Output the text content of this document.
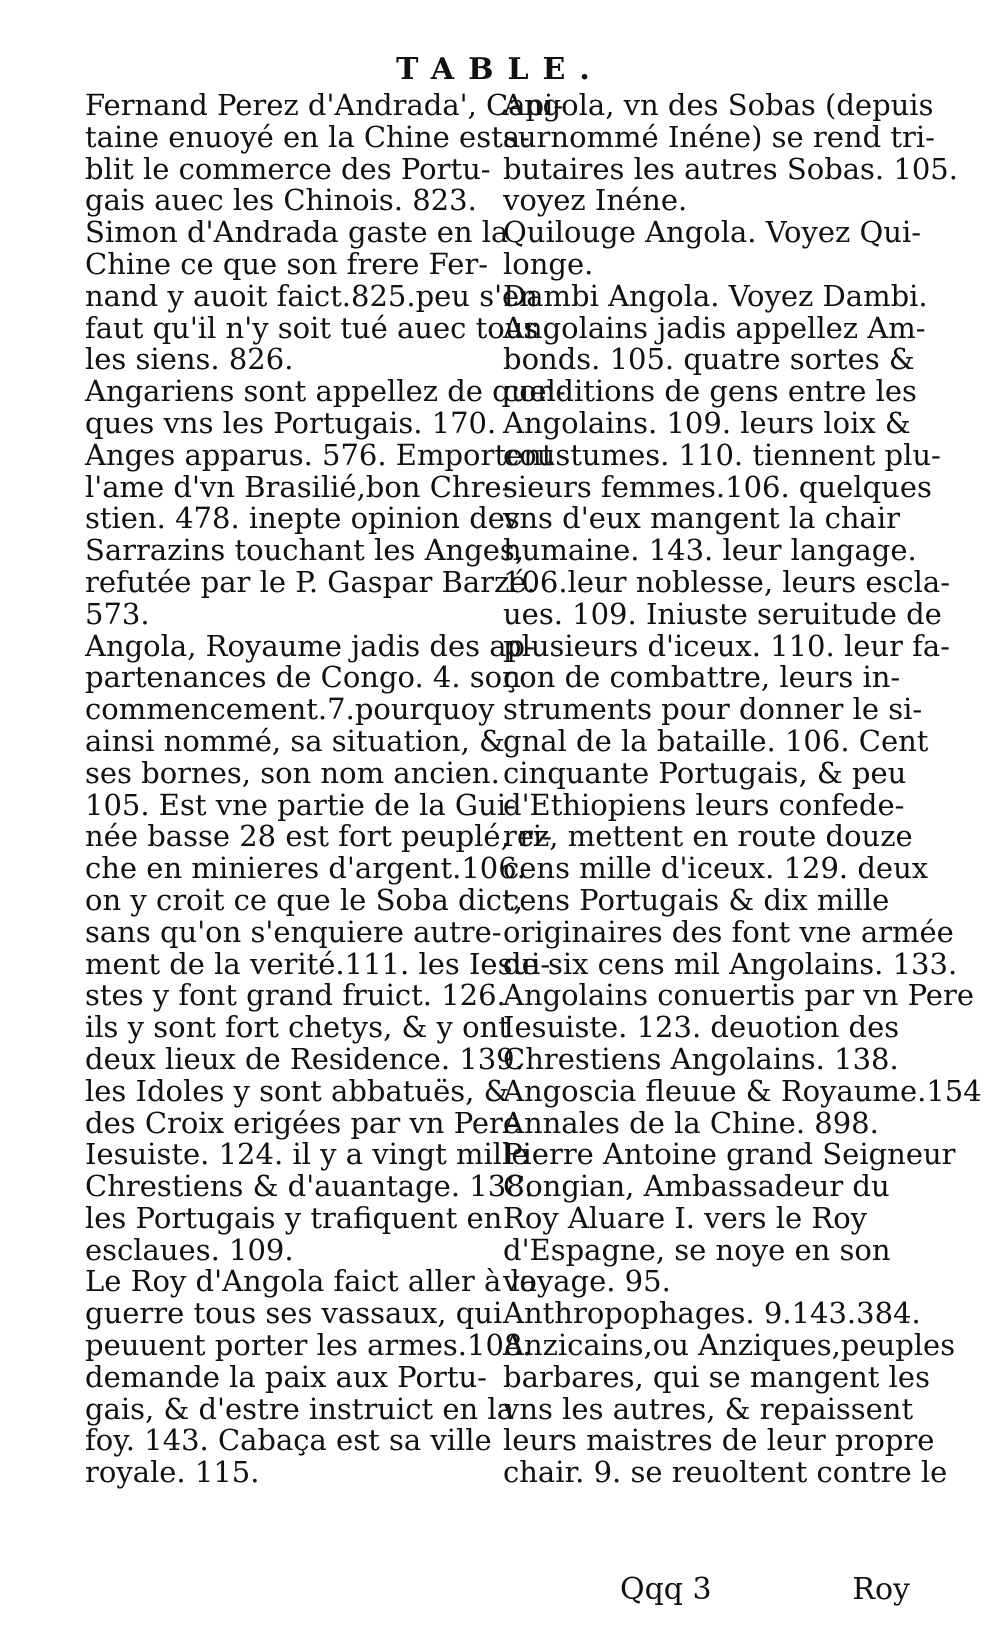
TABLE.
Fernand Perez d'Andrada', Capi-
taine enuoyé en la Chine esta-
blit le commerce des Portu-
gais auec les Chinois. 823.
Simon d'Andrada gaste en la
Chine ce que son frere Fer-
nand y auoit faict.825.peu s'en
faut qu'il n'y soit tué auec tous
les siens. 826.
Angariens sont appellez de quel-
ques vns les Portugais. 170.
Anges apparus. 576. Emportent
l'ame d'vn Brasilié,bon Chre-
stien. 478. inepte opinion des
Sarrazins touchant les Anges,
refutée par le P. Gaspar Barzé.
573.
Angola, Royaume jadis des ap-
partenances de Congo. 4. son
commencement.7.pourquoy
ainsi nommé, sa situation, &
ses bornes, son nom ancien.
105. Est vne partie de la Gui-
née basse 28 est fort peuplé, ri-
che en minieres d'argent.106.
on y croit ce que le Soba dict,
sans qu'on s'enquiere autre-
ment de la verité.111. les Iesui-
stes y font grand fruict. 126.
ils y sont fort chetys, & y ont
deux lieux de Residence. 139.
les Idoles y sont abbatuës, &
des Croix erigées par vn Pere
Iesuiste. 124. il y a vingt mille
Chrestiens & d'auantage. 138.
les Portugais y trafiquent en
esclaues. 109.
Le Roy d'Angola faict aller à la
guerre tous ses vassaux, qui
peuuent porter les armes.108.
demande la paix aux Portu-
gais, & d'estre instruict en la
foy. 143. Cabaça est sa ville
royale. 115.
Angola, vn des Sobas (depuis
surnommé Inéne) se rend tri-
butaires les autres Sobas. 105.
voyez Inéne.
Quilouge Angola. Voyez Qui-
longe.
Dambi Angola. Voyez Dambi.
Angolains jadis appellez Am-
bonds. 105. quatre sortes &
conditions de gens entre les
Angolains. 109. leurs loix &
coustumes. 110. tiennent plu-
sieurs femmes.106. quelques
vns d'eux mangent la chair
humaine. 143. leur langage.
106.leur noblesse, leurs escla-
ues. 109. Iniuste seruitude de
plusieurs d'iceux. 110. leur fa-
çon de combattre, leurs in-
struments pour donner le si-
gnal de la bataille. 106. Cent
cinquante Portugais, & peu
d'Ethiopiens leurs confede-
rez, mettent en route douze
cens mille d'iceux. 129. deux
cens Portugais & dix mille
originaires des font vne armée
de six cens mil Angolains. 133.
Angolains conuertis par vn Pere
Iesuiste. 123. deuotion des
Chrestiens Angolains. 138.
Angoscia fleuue & Royaume.154
Annales de la Chine. 898.
Pierre Antoine grand Seigneur
Congian, Ambassadeur du
Roy Aluare I. vers le Roy
d'Espagne, se noye en son
voyage. 95.
Anthropophages. 9.143.384.
Anzicains,ou Anziques,peuples
barbares, qui se mangent les
vns les autres, & repaissent
leurs maistres de leur propre
chair. 9. se reuoltent contre le
Qqq 3	Roy
